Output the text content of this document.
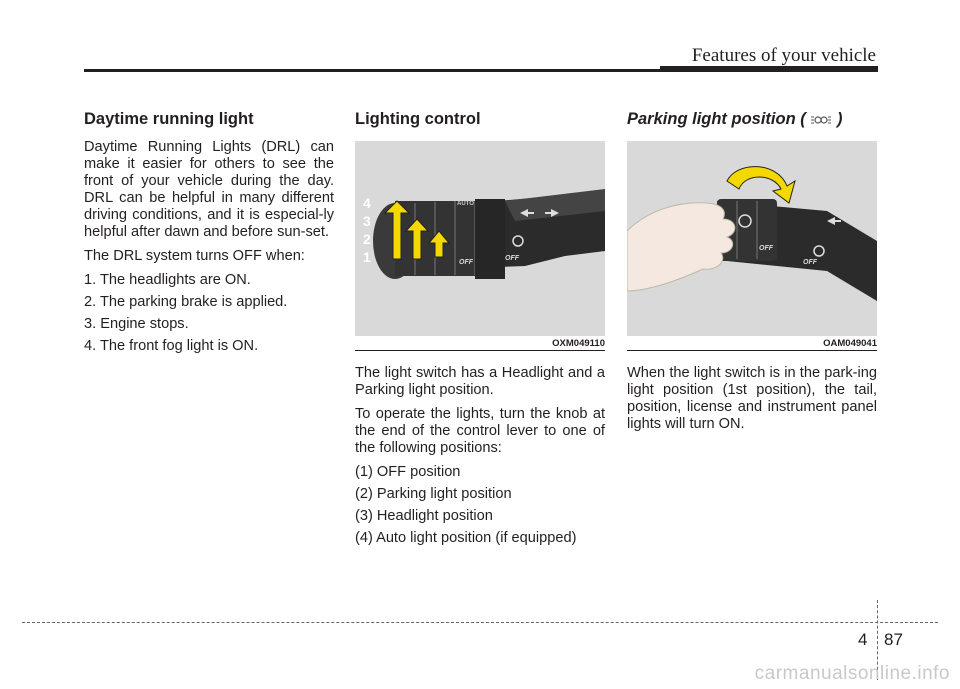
Features of your vehicle
Daytime running light

Daytime Running Lights (DRL) can make it easier for others to see the front of your vehicle during the day. DRL can be helpful in many different driving conditions, and it is especial-ly helpful after dawn and before sun-set.

The DRL system turns OFF when:

1. The headlights are ON.

2. The parking brake is applied.

3. Engine stops.

4. The front fog light is ON.

Lighting control
4
3
2
1
AUTO
OFF
OFF
OXM049110

The light switch has a Headlight and a Parking light position.

To operate the lights, turn the knob at the end of the control lever to one of the following positions:

(1) OFF position

(2) Parking light position

(3) Headlight position

(4) Auto light position (if equipped)

Parking light position ( )
OFF
OFF
OAM049041

When the light switch is in the park-ing light position (1st position), the tail, position, license and instrument panel lights will turn ON.

4 87
carmanualsonline.info
